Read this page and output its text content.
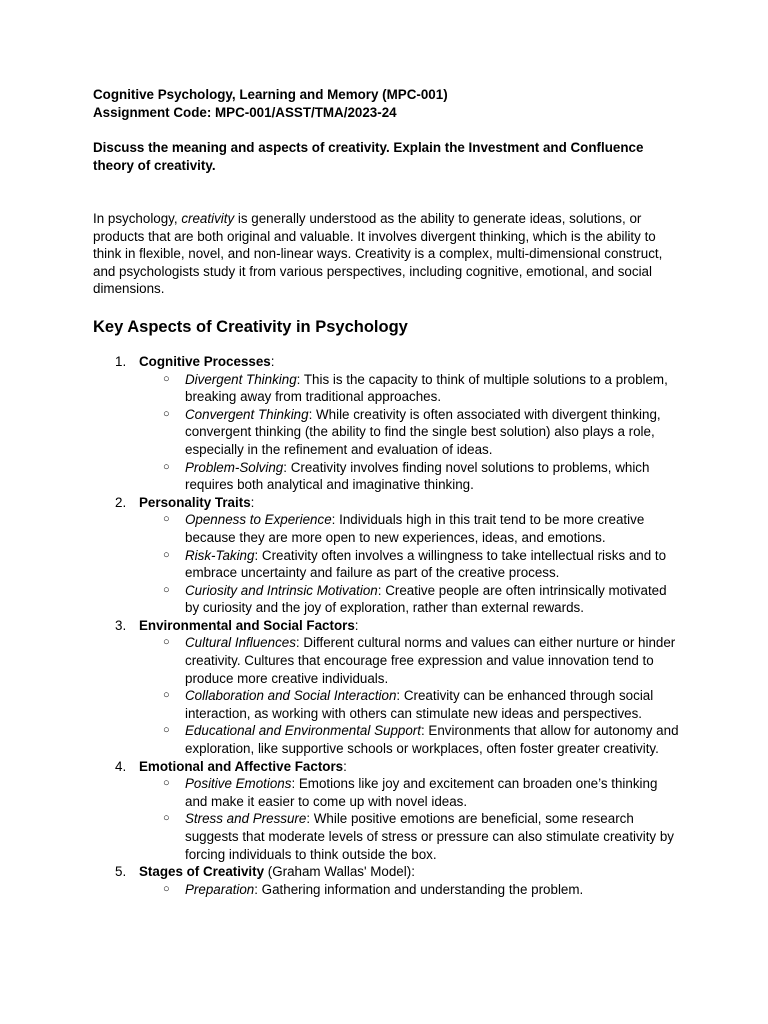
Cognitive Psychology, Learning and Memory (MPC-001)

Assignment Code: MPC-001/ASST/TMA/2023-24

Discuss the meaning and aspects of creativity. Explain the Investment and Confluence theory of creativity.

In psychology, creativity is generally understood as the ability to generate ideas, solutions, or products that are both original and valuable. It involves divergent thinking, which is the ability to think in flexible, novel, and non-linear ways. Creativity is a complex, multi-dimensional construct, and psychologists study it from various perspectives, including cognitive, emotional, and social dimensions.

Key Aspects of Creativity in Psychology
1. Cognitive Processes:
○ Divergent Thinking: This is the capacity to think of multiple solutions to a problem, breaking away from traditional approaches.
○ Convergent Thinking: While creativity is often associated with divergent thinking, convergent thinking (the ability to find the single best solution) also plays a role, especially in the refinement and evaluation of ideas.
○ Problem-Solving: Creativity involves finding novel solutions to problems, which requires both analytical and imaginative thinking.
2. Personality Traits:
○ Openness to Experience: Individuals high in this trait tend to be more creative because they are more open to new experiences, ideas, and emotions.
○ Risk-Taking: Creativity often involves a willingness to take intellectual risks and to embrace uncertainty and failure as part of the creative process.
○ Curiosity and Intrinsic Motivation: Creative people are often intrinsically motivated by curiosity and the joy of exploration, rather than external rewards.
3. Environmental and Social Factors:
○ Cultural Influences: Different cultural norms and values can either nurture or hinder creativity. Cultures that encourage free expression and value innovation tend to produce more creative individuals.
○ Collaboration and Social Interaction: Creativity can be enhanced through social interaction, as working with others can stimulate new ideas and perspectives.
○ Educational and Environmental Support: Environments that allow for autonomy and exploration, like supportive schools or workplaces, often foster greater creativity.
4. Emotional and Affective Factors:
○ Positive Emotions: Emotions like joy and excitement can broaden one’s thinking and make it easier to come up with novel ideas.
○ Stress and Pressure: While positive emotions are beneficial, some research suggests that moderate levels of stress or pressure can also stimulate creativity by forcing individuals to think outside the box.
5. Stages of Creativity (Graham Wallas' Model):
○ Preparation: Gathering information and understanding the problem.
